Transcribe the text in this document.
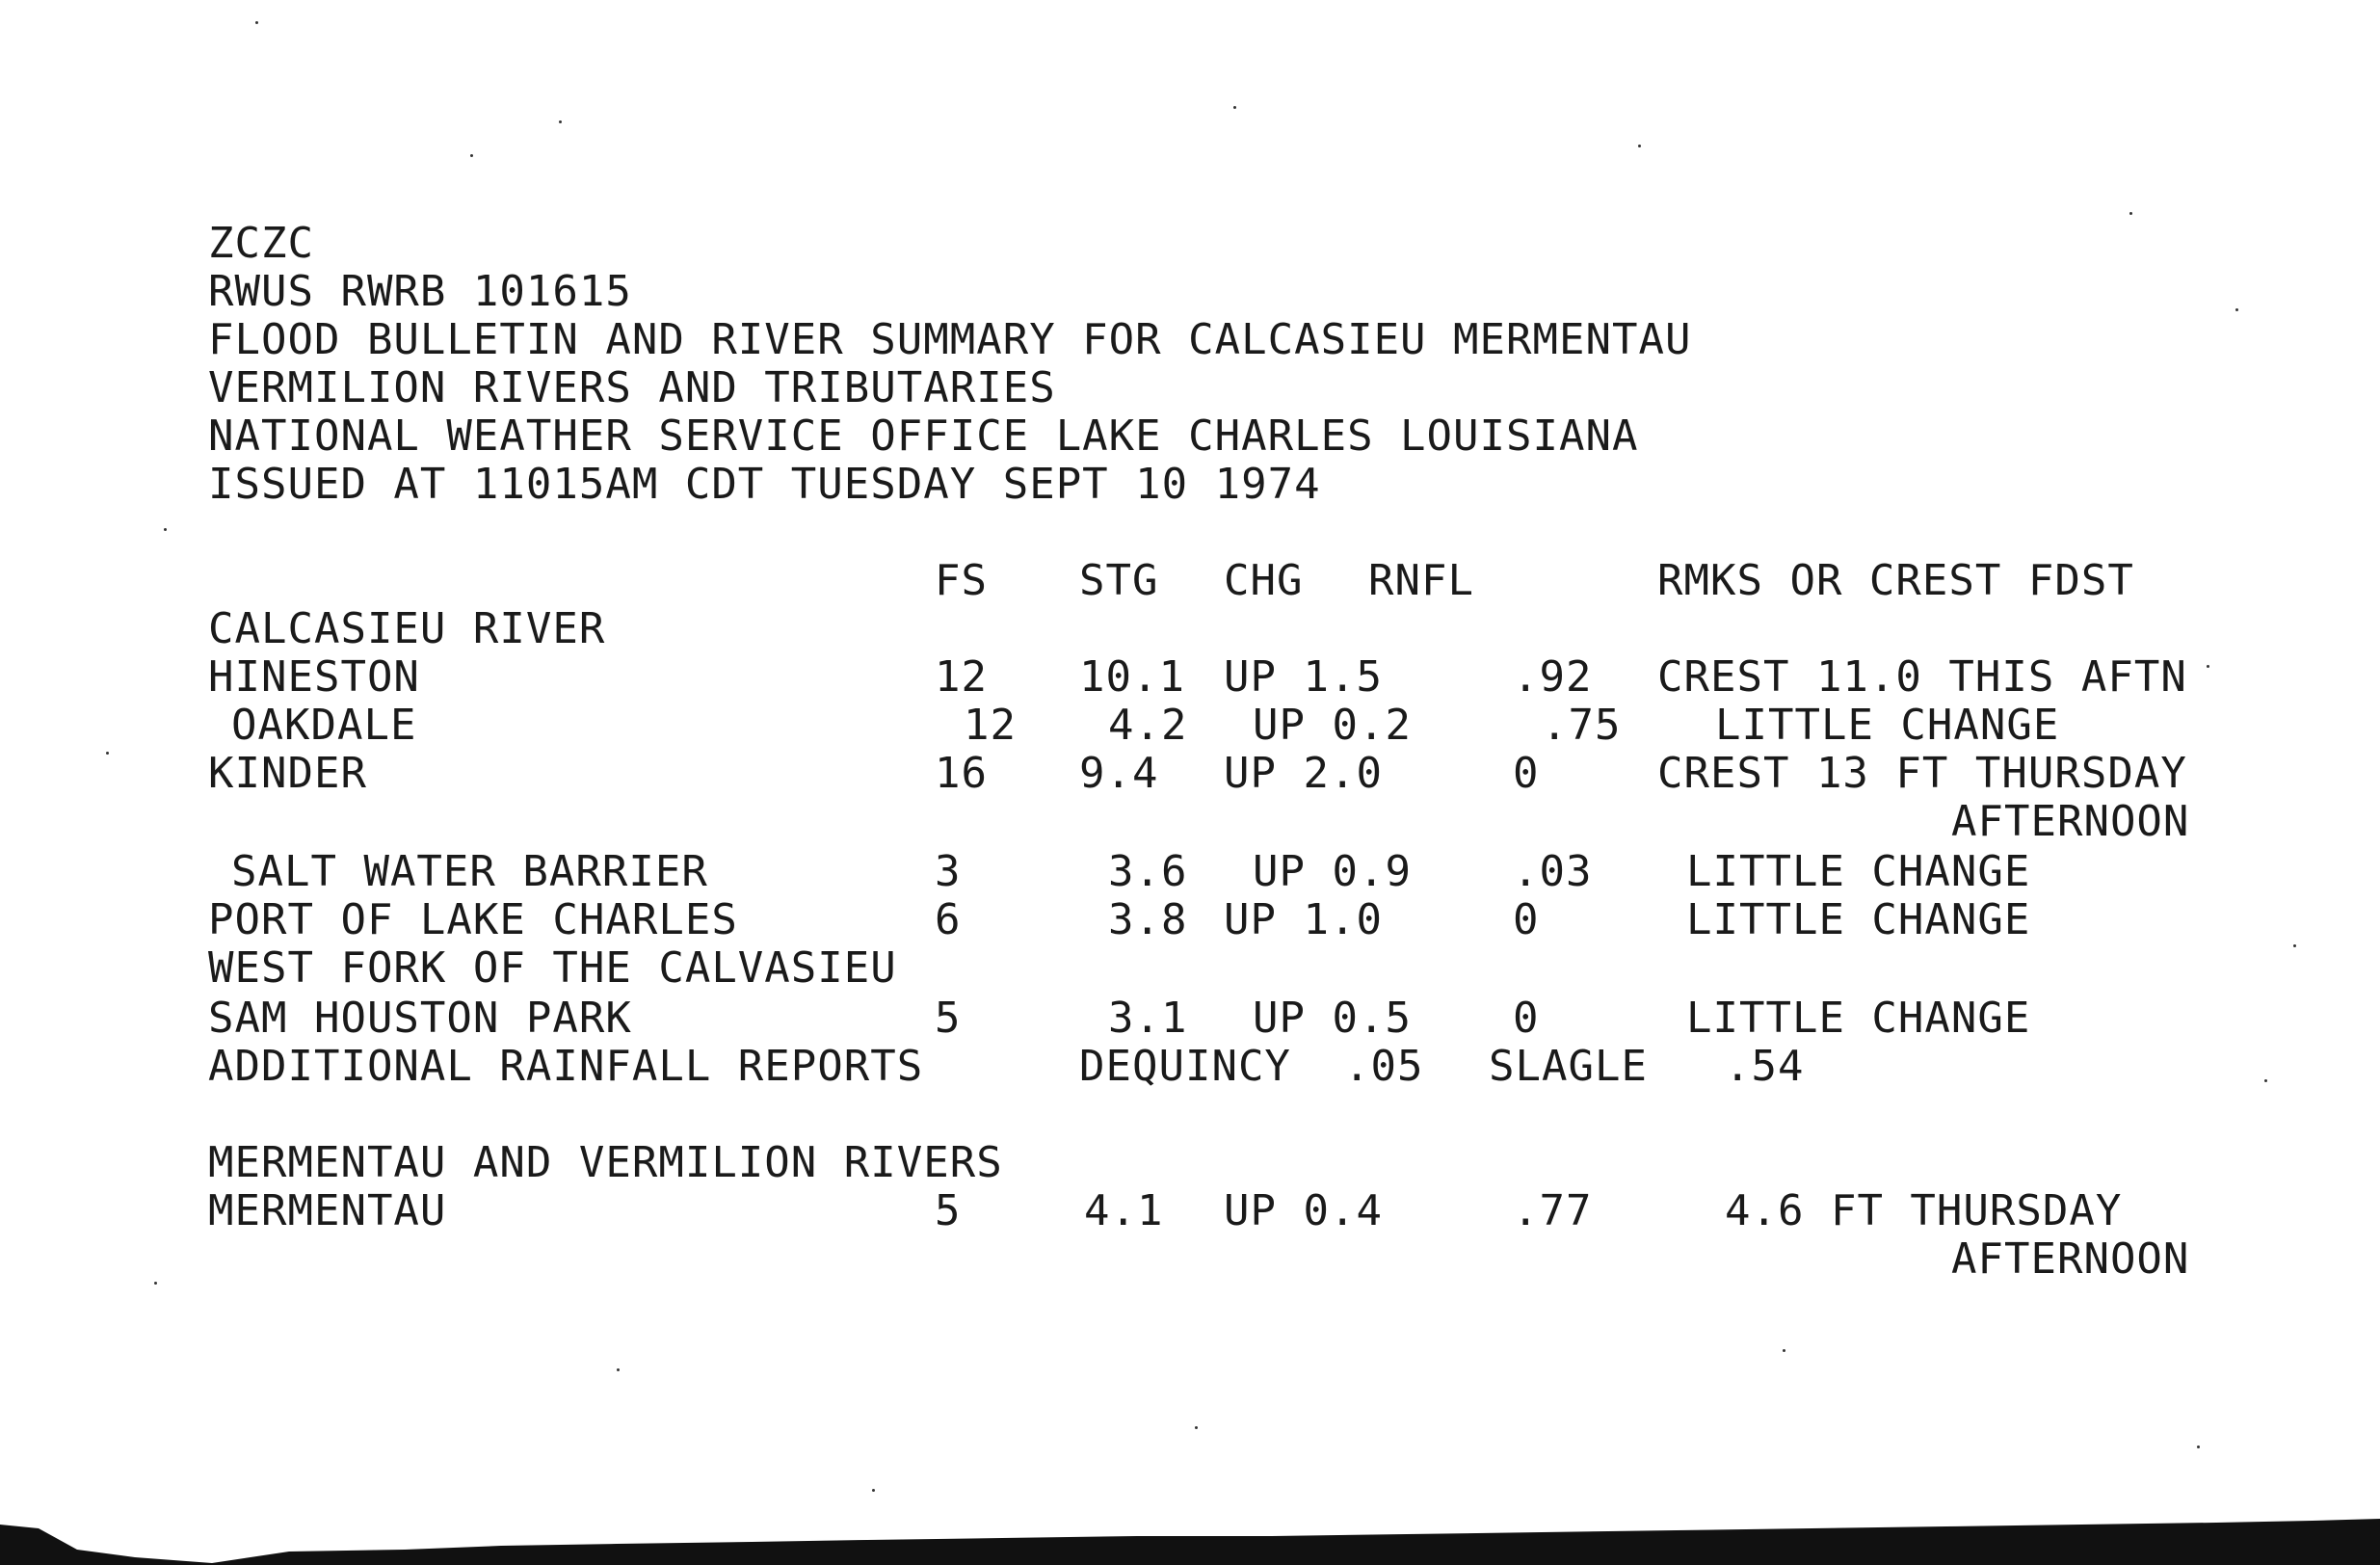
ZCZC
RWUS RWRB 101615
FLOOD BULLETIN AND RIVER SUMMARY FOR CALCASIEU MERMENTAU
VERMILION RIVERS AND TRIBUTARIES
NATIONAL WEATHER SERVICE OFFICE LAKE CHARLES LOUISIANA
ISSUED AT 11015AM CDT TUESDAY SEPT 10 1974
FS STG CHG RNFL	RMKS OR CREST FDST
CALCASIEU RIVER
HINESTON	12 10.1 UP 1.5	.92 CREST 11.0 THIS AFTN
OAKDALE	12 4.2 UP 0.2	.75 LITTLE CHANGE
KINDER	16 9.4 UP 2.0	0	CREST 13 FT THURSDAY
AFTERNOON
SALT WATER BARRIER	3	3.6 UP 0.9 .03 LITTLE CHANGE
PORT OF LAKE CHARLES	6	3.8 UP 1.0	0	LITTLE CHANGE
WEST FORK OF THE CALVASIEU
SAM HOUSTON PARK	5	3.1 UP 0.5 0	LITTLE CHANGE
ADDITIONAL RAINFALL REPORTS	DEQUINCY .05 SLAGLE .54
MERMENTAU AND VERMILION RIVERS
MERMENTAU	5	4.1 UP 0.4	.77	4.6 FT THURSDAY
AFTERNOON
